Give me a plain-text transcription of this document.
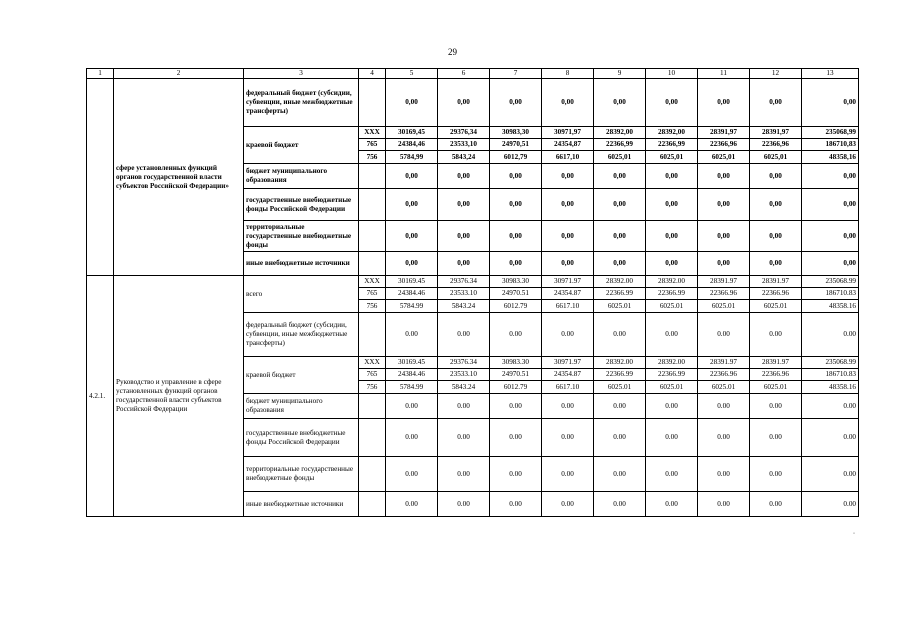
29
1	2	3	4	5	6	7	8	9	10	11	12	13
	сфере установленных функций органов государственной власти субъектов Российской Федерации»	федеральный бюджет (субсидии, субвенции, иные межбюджетные трансферты)		0,00	0,00	0,00	0,00	0,00	0,00	0,00	0,00	0,00
		краевой бюджет	XXX	30169,45	29376,34	30983,30	30971,97	28392,00	28392,00	28391,97	28391,97	235068,99
			765	24384,46	23533,10	24970,51	24354,87	22366,99	22366,99	22366,96	22366,96	186710,83
			756	5784,99	5843,24	6012,79	6617,10	6025,01	6025,01	6025,01	6025,01	48358,16
		бюджет муниципального образования		0,00	0,00	0,00	0,00	0,00	0,00	0,00	0,00	0,00
		государственные внебюджетные фонды Российской Федерации		0,00	0,00	0,00	0,00	0,00	0,00	0,00	0,00	0,00
		территориальные государственные внебюджетные фонды		0,00	0,00	0,00	0,00	0,00	0,00	0,00	0,00	0,00
		иные внебюджетные источники		0,00	0,00	0,00	0,00	0,00	0,00	0,00	0,00	0,00
4.2.1.	Руководство и управление в сфере установленных функций органов государственной власти субъектов Российской Федерации	всего	XXX	30169.45	29376.34	30983.30	30971.97	28392.00	28392.00	28391.97	28391.97	235068.99
			765	24384.46	23533.10	24970.51	24354.87	22366.99	22366.99	22366.96	22366.96	186710.83
			756	5784.99	5843.24	6012.79	6617.10	6025.01	6025.01	6025.01	6025.01	48358.16
		федеральный бюджет (субсидии, субвенции, иные межбюджетные трансферты)		0.00	0.00	0.00	0.00	0.00	0.00	0.00	0.00	0.00
		краевой бюджет	XXX	30169.45	29376.34	30983.30	30971.97	28392.00	28392.00	28391.97	28391.97	235068.99
			765	24384.46	23533.10	24970.51	24354.87	22366.99	22366.99	22366.96	22366.96	186710.83
			756	5784.99	5843.24	6012.79	6617.10	6025.01	6025.01	6025.01	6025.01	48358.16
		бюджет муниципального образования		0.00	0.00	0.00	0.00	0.00	0.00	0.00	0.00	0.00
		государственные внебюджетные фонды Российской Федерации		0.00	0.00	0.00	0.00	0.00	0.00	0.00	0.00	0.00
		территориальные государственные внебюджетные фонды		0.00	0.00	0.00	0.00	0.00	0.00	0.00	0.00	0.00
		иные внебюджетные источники		0.00	0.00	0.00	0.00	0.00	0.00	0.00	0.00	0.00
»
